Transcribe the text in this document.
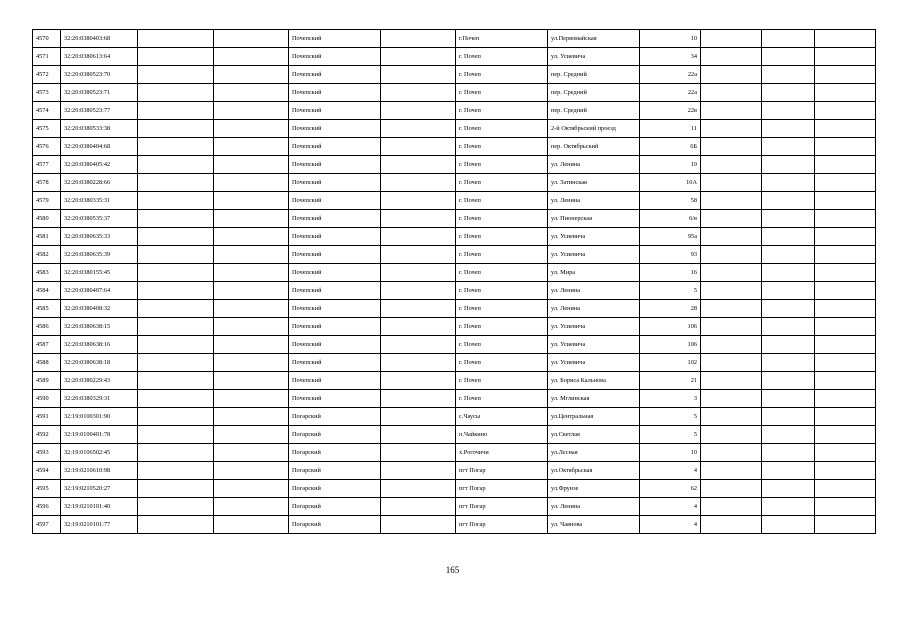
4570	32:20:0380403:68			Почепский		г.Почеп	ул.Первомайская	10			
4571	32:20:0380613:64			Почепский		г. Почеп	ул. Усиевича	34			
4572	32:20:0380523:70			Почепский		г. Почеп	пер. Средний	22а			
4573	32:20:0380523:71			Почепский		г. Почеп	пер. Средний	22а			
4574	32:20:0380523:77			Почепский		г. Почеп	пер. Средний	22в			
4575	32:20:0380533:38			Почепский		г. Почеп	2-й Октябрьский проезд	11			
4576	32:20:0380404:68			Почепский		г. Почеп	пер. Октябрьский	6Б			
4577	32:20:0380405:42			Почепский		г. Почеп	ул. Ленина	19			
4578	32:20:0380228:66			Почепский		г. Почеп	ул. Затинская	10А			
4579	32:20:0380335:31			Почепский		г. Почеп	ул. Ленина	58			
4580	32:20:0380535:37			Почепский		г. Почеп	ул. Пионерская	6/в			
4581	32:20:0380635:33			Почепский		г. Почеп	ул. Усиевича	95а			
4582	32:20:0380635:39			Почепский		г. Почеп	ул. Усиевича	93			
4583	32:20:0380155:45			Почепский		г. Почеп	ул. Мира	16			
4584	32:20:0380407:64			Почепский		г. Почеп	ул. Ленина	5			
4585	32:20:0380408:32			Почепский		г. Почеп	ул. Ленина	28			
4586	32:20:0380638:15			Почепский		г. Почеп	ул. Усиевича	106			
4587	32:20:0380638:16			Почепский		г. Почеп	ул. Усиевича	106			
4588	32:20:0380638:18			Почепский		г. Почеп	ул. Усиевича	102			
4589	32:20:0380229:43			Почепский		г. Почеп	ул. Бориса Кальнова	21			
4590	32:20:0380329:31			Почепский		г. Почеп	ул. Мглинская	3			
4591	32:19:0100301:90			Погарский		с.Чаусы	ул.Центральная	5			
4592	32:19:0100401:78			Погарский		п.Чайкино	ул.Светлая	5			
4593	32:19:0106502:45			Погарский		х.Рогочичи	ул.Лесная	10			
4594	32:19:0210610:98			Погарский		пгт Погар	ул.Октябрьская	4			
4595	32:19:0210520:27			Погарский		пгт Погар	ул.Фрунзе	62			
4596	32:19:0210101:40			Погарский		пгт Погар	ул. Ленина	4			
4597	32:19:0210101:77			Погарский		пгт Погар	ул. Чаянова	4			
165
